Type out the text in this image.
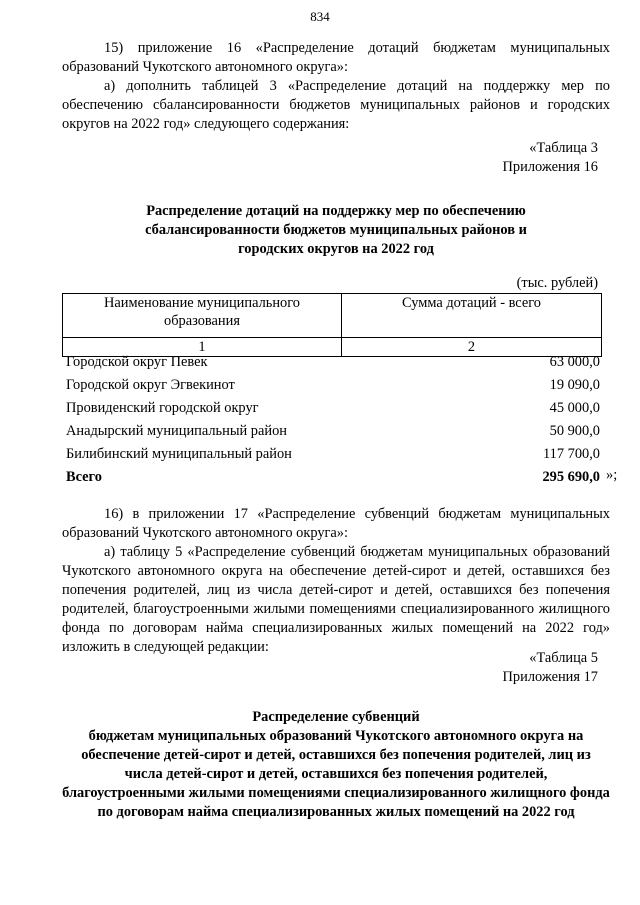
834
15) приложение 16 «Распределение дотаций бюджетам муниципальных образований Чукотского автономного округа»:
а) дополнить таблицей 3 «Распределение дотаций на поддержку мер по обеспечению сбалансированности бюджетов муниципальных районов и городских округов на 2022 год» следующего содержания:
«Таблица 3
Приложения 16
Распределение дотаций на поддержку мер по обеспечению сбалансированности бюджетов муниципальных районов и городских округов на 2022 год
(тыс. рублей)
Наименование муниципального образования	Сумма дотаций - всего
1	2
Городской округ Певек	63 000,0
Городской округ Эгвекинот	19 090,0
Провиденский городской округ	45 000,0
Анадырский муниципальный район	50 900,0
Билибинский муниципальный район	117 700,0
Всего	295 690,0 »;
16) в приложении 17 «Распределение субвенций бюджетам муниципальных образований Чукотского автономного округа»:
а) таблицу 5 «Распределение субвенций бюджетам муниципальных образований Чукотского автономного округа на обеспечение детей-сирот и детей, оставшихся без попечения родителей, лиц из числа детей-сирот и детей, оставшихся без попечения родителей, благоустроенными жилыми помещениями специализированного жилищного фонда по договорам найма специализированных жилых помещений на 2022 год» изложить в следующей редакции:
«Таблица 5
Приложения 17
Распределение субвенций
бюджетам муниципальных образований Чукотского автономного округа на обеспечение детей-сирот и детей, оставшихся без попечения родителей, лиц из числа детей-сирот и детей, оставшихся без попечения родителей, благоустроенными жилыми помещениями специализированного жилищного фонда по договорам найма специализированных жилых помещений на 2022 год
